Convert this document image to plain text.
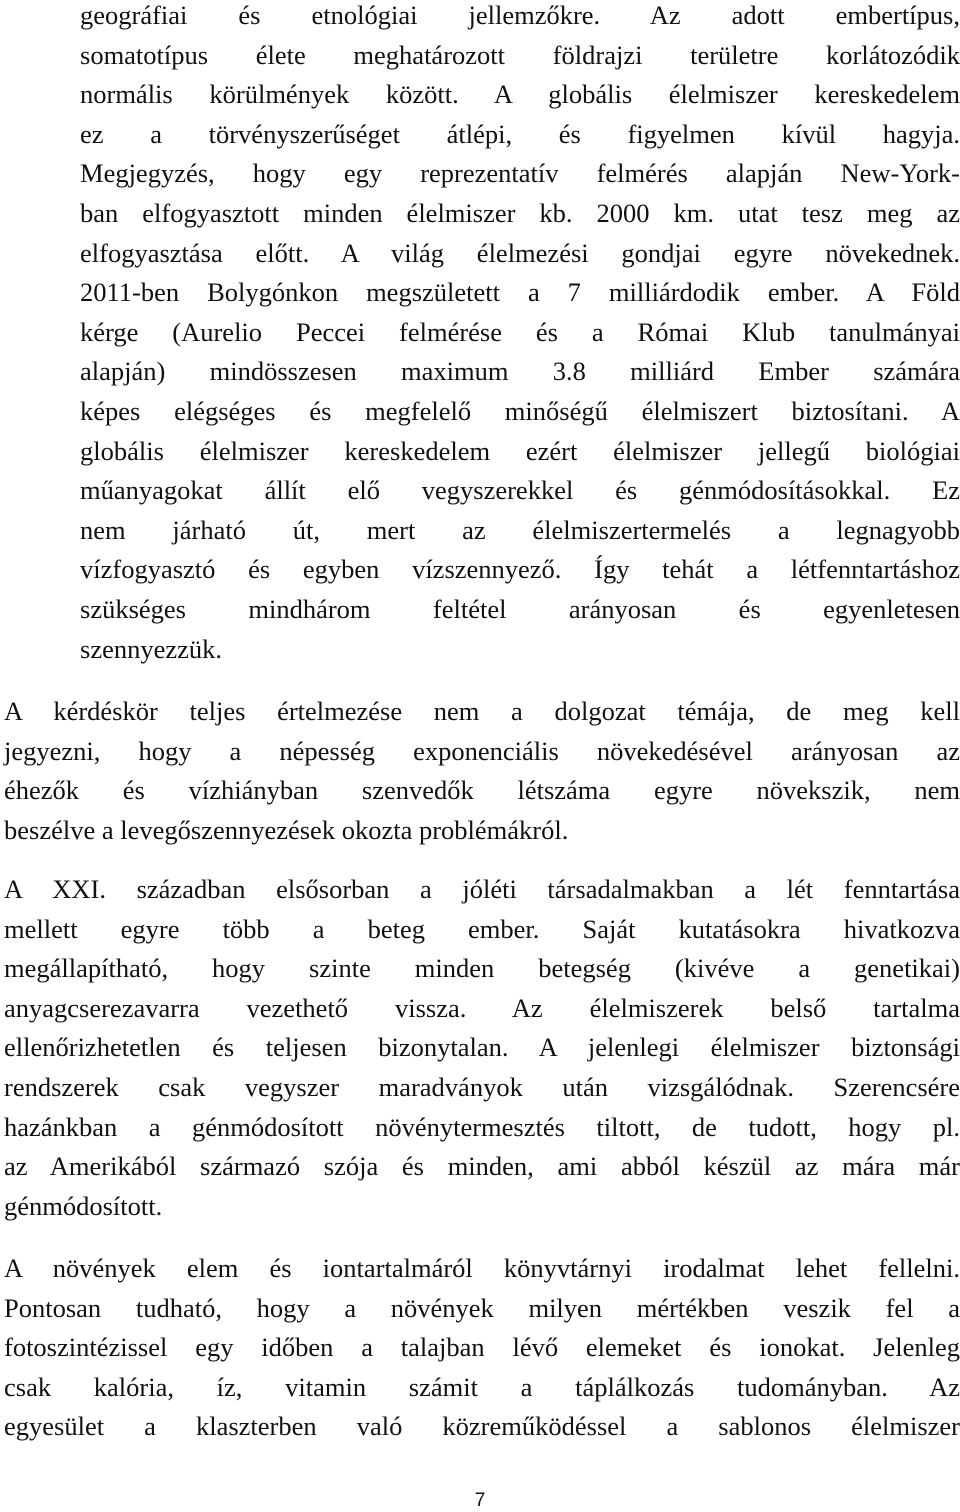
geográfiai és etnológiai jellemzőkre. Az adott embertípus,
somatotípus élete meghatározott földrajzi területre korlátozódik
normális körülmények között. A globális élelmiszer kereskedelem
ez a törvényszerűséget átlépi, és figyelmen kívül hagyja.
Megjegyzés, hogy egy reprezentatív felmérés alapján New-York-
ban elfogyasztott minden élelmiszer kb. 2000 km. utat tesz meg az
elfogyasztása előtt. A világ élelmezési gondjai egyre növekednek.
2011-ben Bolygónkon megszületett a 7 milliárdodik ember. A Föld
kérge (Aurelio Peccei felmérése és a Római Klub tanulmányai
alapján) mindösszesen maximum 3.8 milliárd Ember számára
képes elégséges és megfelelő minőségű élelmiszert biztosítani. A
globális élelmiszer kereskedelem ezért élelmiszer jellegű biológiai
műanyagokat állít elő vegyszerekkel és génmódosításokkal. Ez
nem járható út, mert az élelmiszertermelés a legnagyobb
vízfogyasztó és egyben vízszennyező. Így tehát a létfenntartáshoz
szükséges mindhárom feltétel arányosan és egyenletesen
szennyezzük.
A kérdéskör teljes értelmezése nem a dolgozat témája, de meg kell
jegyezni, hogy a népesség exponenciális növekedésével arányosan az
éhezők és vízhiányban szenvedők létszáma egyre növekszik, nem
beszélve a levegőszennyezések okozta problémákról.
A XXI. században elsősorban a jóléti társadalmakban a lét fenntartása
mellett egyre több a beteg ember. Saját kutatásokra hivatkozva
megállapítható, hogy szinte minden betegség (kivéve a genetikai)
anyagcserezavarra vezethető vissza. Az élelmiszerek belső tartalma
ellenőrizhetetlen és teljesen bizonytalan. A jelenlegi élelmiszer biztonsági
rendszerek csak vegyszer maradványok után vizsgálódnak. Szerencsére
hazánkban a génmódosított növénytermesztés tiltott, de tudott, hogy pl.
az Amerikából származó szója és minden, ami abból készül az mára már
génmódosított.
A növények elem és iontartalmáról könyvtárnyi irodalmat lehet fellelni.
Pontosan tudható, hogy a növények milyen mértékben veszik fel a
fotoszintézissel egy időben a talajban lévő elemeket és ionokat. Jelenleg
csak kalória, íz, vitamin számit a táplálkozás tudományban. Az
egyesület a klaszterben való közreműködéssel a sablonos élelmiszer
7
